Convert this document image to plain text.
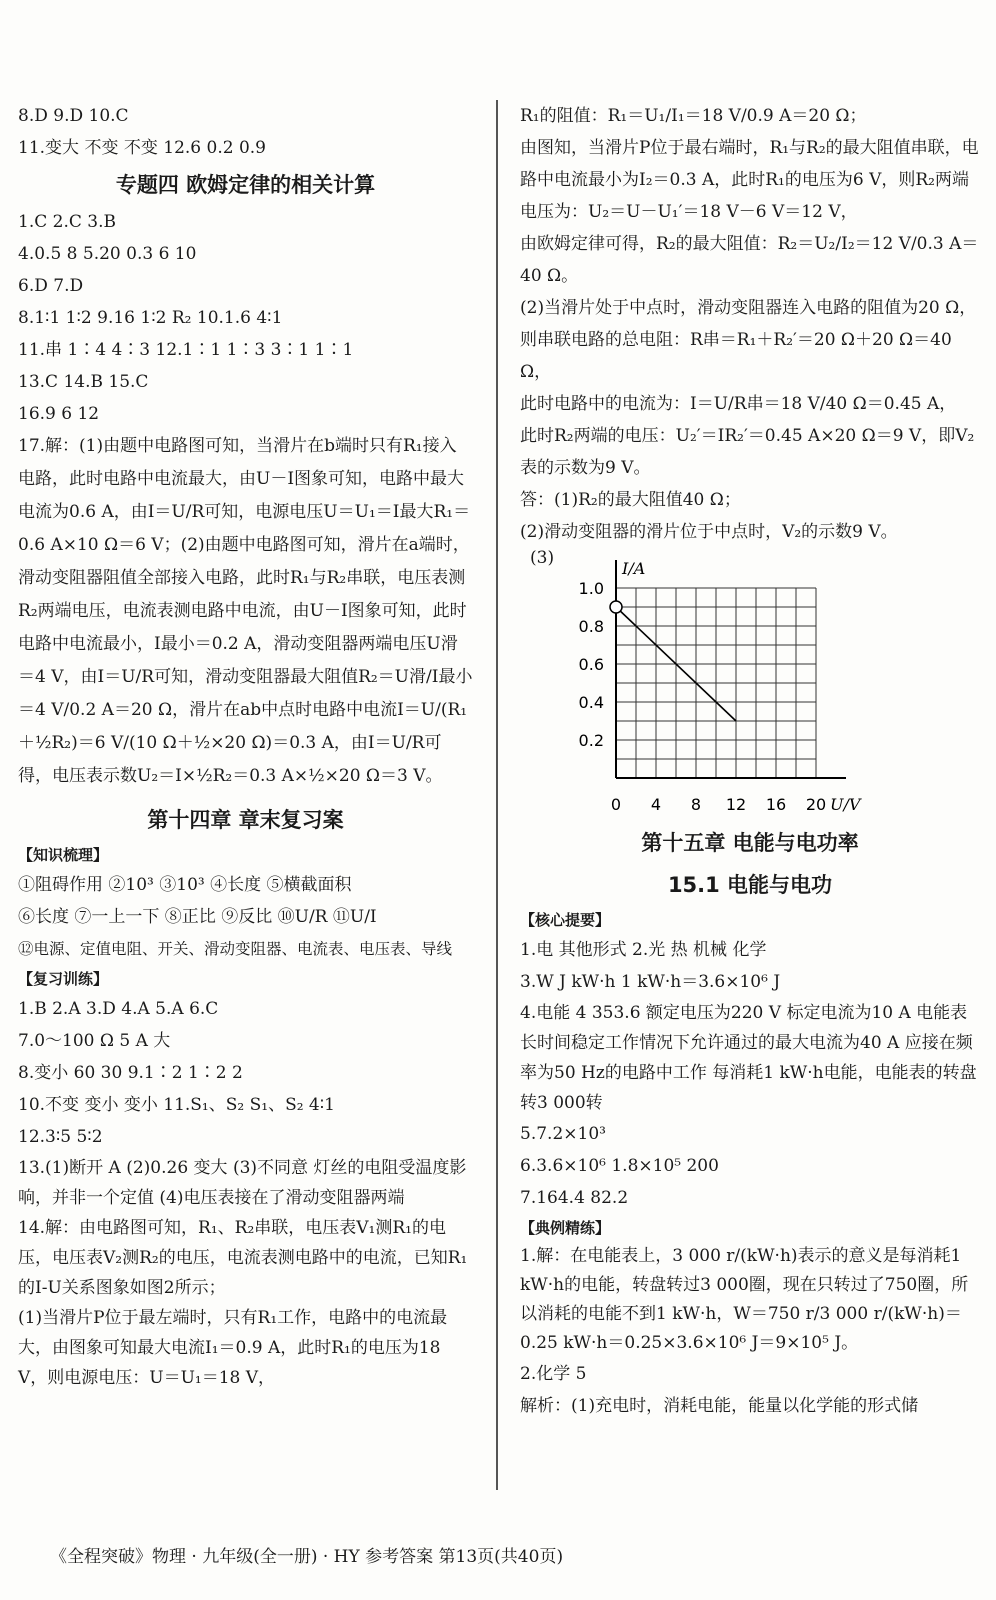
8.D 9.D 10.C
11.变大 不变 不变 12.6 0.2 0.9
专题四 欧姆定律的相关计算
1.C 2.C 3.B
4.0.5 8 5.20 0.3 6 10
6.D 7.D
8.1∶1 1∶2 9.16 1∶2 R₂ 10.1.6 4∶1
11.串 1∶4 4∶3 12.1∶1 1∶3 3∶1 1∶1
13.C 14.B 15.C
16.9 6 12
17.解：(1)由题中电路图可知，当滑片在b端时只有R₁接入电路，此时电路中电流最大，由U－I图象可知，电路中最大电流为0.6 A，由I＝U/R可知，电源电压U＝U₁＝I最大R₁＝0.6 A×10 Ω＝6 V；(2)由题中电路图可知，滑片在a端时，滑动变阻器阻值全部接入电路，此时R₁与R₂串联，电压表测R₂两端电压，电流表测电路中电流，由U－I图象可知，此时电路中电流最小，I最小＝0.2 A，滑动变阻器两端电压U滑＝4 V，由I＝U/R可知，滑动变阻器最大阻值R₂＝U滑/I最小＝4 V/0.2 A＝20 Ω，滑片在ab中点时电路中电流I＝U/(R₁＋½R₂)＝6 V/(10 Ω＋½×20 Ω)＝0.3 A，由I＝U/R可得，电压表示数U₂＝I×½R₂＝0.3 A×½×20 Ω＝3 V。
第十四章 章末复习案
【知识梳理】
①阻碍作用 ②10³ ③10³ ④长度 ⑤横截面积
⑥长度 ⑦一上一下 ⑧正比 ⑨反比 ⑩U/R ⑪U/I
⑫电源、定值电阻、开关、滑动变阻器、电流表、电压表、导线
【复习训练】
1.B 2.A 3.D 4.A 5.A 6.C
7.0～100 Ω 5 A 大
8.变小 60 30 9.1∶2 1∶2 2
10.不变 变小 变小 11.S₁、S₂ S₁、S₂ 4∶1
12.3∶5 5∶2
13.(1)断开 A (2)0.26 变大 (3)不同意 灯丝的电阻受温度影响，并非一个定值 (4)电压表接在了滑动变阻器两端
14.解：由电路图可知，R₁、R₂串联，电压表V₁测R₁的电压，电压表V₂测R₂的电压，电流表测电路中的电流，已知R₁的I-U关系图象如图2所示；
(1)当滑片P位于最左端时，只有R₁工作，电路中的电流最大，由图象可知最大电流I₁＝0.9 A，此时R₁的电压为18 V，则电源电压：U＝U₁＝18 V，
R₁的阻值：R₁＝U₁/I₁＝18 V/0.9 A＝20 Ω；
由图知，当滑片P位于最右端时，R₁与R₂的最大阻值串联，电路中电流最小为I₂＝0.3 A，此时R₁的电压为6 V，则R₂两端电压为：U₂＝U－U₁′＝18 V－6 V＝12 V，
由欧姆定律可得，R₂的最大阻值：R₂＝U₂/I₂＝12 V/0.3 A＝40 Ω。
(2)当滑片处于中点时，滑动变阻器连入电路的阻值为20 Ω，
则串联电路的总电阻：R串＝R₁＋R₂′＝20 Ω＋20 Ω＝40 Ω，
此时电路中的电流为：I＝U/R串＝18 V/40 Ω＝0.45 A，
此时R₂两端的电压：U₂′＝IR₂′＝0.45 A×20 Ω＝9 V，即V₂表的示数为9 V。
答：(1)R₂的最大阻值40 Ω；
(2)滑动变阻器的滑片位于中点时，V₂的示数9 V。
(3)
I/A
U/V
0 4 8 12 16 20
0.2
0.4
0.6
0.8
1.0
第十五章 电能与电功率
15.1 电能与电功
【核心提要】
1.电 其他形式 2.光 热 机械 化学
3.W J kW·h 1 kW·h＝3.6×10⁶ J
4.电能 4 353.6 额定电压为220 V 标定电流为10 A 电能表长时间稳定工作情况下允许通过的最大电流为40 A 应接在频率为50 Hz的电路中工作 每消耗1 kW·h电能，电能表的转盘转3 000转
5.7.2×10³
6.3.6×10⁶ 1.8×10⁵ 200
7.164.4 82.2
【典例精练】
1.解：在电能表上，3 000 r/(kW·h)表示的意义是每消耗1 kW·h的电能，转盘转过3 000圈，现在只转过了750圈，所以消耗的电能不到1 kW·h，W＝750 r/3 000 r/(kW·h)＝0.25 kW·h＝0.25×3.6×10⁶ J＝9×10⁵ J。
2.化学 5
解析：(1)充电时，消耗电能，能量以化学能的形式储
《全程突破》物理 · 九年级(全一册) · HY 参考答案 第13页(共40页)
